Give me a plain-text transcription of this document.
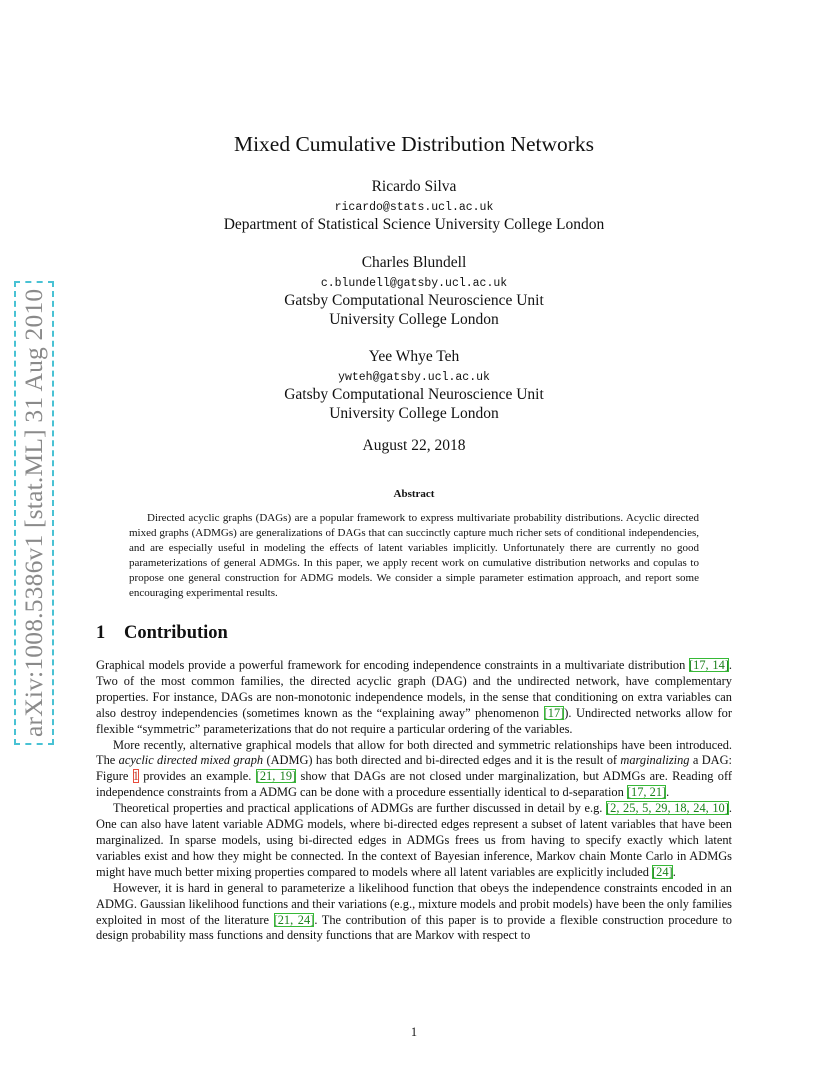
arXiv:1008.5386v1 [stat.ML] 31 Aug 2010
Mixed Cumulative Distribution Networks
Ricardo Silva
ricardo@stats.ucl.ac.uk
Department of Statistical Science University College London
Charles Blundell
c.blundell@gatsby.ucl.ac.uk
Gatsby Computational Neuroscience Unit
University College London
Yee Whye Teh
ywteh@gatsby.ucl.ac.uk
Gatsby Computational Neuroscience Unit
University College London
August 22, 2018
Abstract
Directed acyclic graphs (DAGs) are a popular framework to express multivariate probability distributions. Acyclic directed mixed graphs (ADMGs) are generalizations of DAGs that can succinctly capture much richer sets of conditional independencies, and are especially useful in modeling the effects of latent variables implicitly. Unfortunately there are currently no good parameterizations of general ADMGs. In this paper, we apply recent work on cumulative distribution networks and copulas to propose one general construction for ADMG models. We consider a simple parameter estimation approach, and report some encouraging experimental results.
1 Contribution

Graphical models provide a powerful framework for encoding independence constraints in a multivariate distribution [17, 14]. Two of the most common families, the directed acyclic graph (DAG) and the undirected network, have complementary properties. For instance, DAGs are non-monotonic independence models, in the sense that conditioning on extra variables can also destroy independencies (sometimes known as the “explaining away” phenomenon [17]). Undirected networks allow for flexible “symmetric” parameterizations that do not require a particular ordering of the variables.

More recently, alternative graphical models that allow for both directed and symmetric relationships have been introduced. The acyclic directed mixed graph (ADMG) has both directed and bi-directed edges and it is the result of marginalizing a DAG: Figure 1 provides an example. [21, 19] show that DAGs are not closed under marginalization, but ADMGs are. Reading off independence constraints from a ADMG can be done with a procedure essentially identical to d-separation [17, 21].

Theoretical properties and practical applications of ADMGs are further discussed in detail by e.g. [2, 25, 5, 29, 18, 24, 10]. One can also have latent variable ADMG models, where bi-directed edges represent a subset of latent variables that have been marginalized. In sparse models, using bi-directed edges in ADMGs frees us from having to specify exactly which latent variables exist and how they might be connected. In the context of Bayesian inference, Markov chain Monte Carlo in ADMGs might have much better mixing properties compared to models where all latent variables are explicitly included [24].

However, it is hard in general to parameterize a likelihood function that obeys the independence constraints encoded in an ADMG. Gaussian likelihood functions and their variations (e.g., mixture models and probit models) have been the only families exploited in most of the literature [21, 24]. The contribution of this paper is to provide a flexible construction procedure to design probability mass functions and density functions that are Markov with respect to

1
